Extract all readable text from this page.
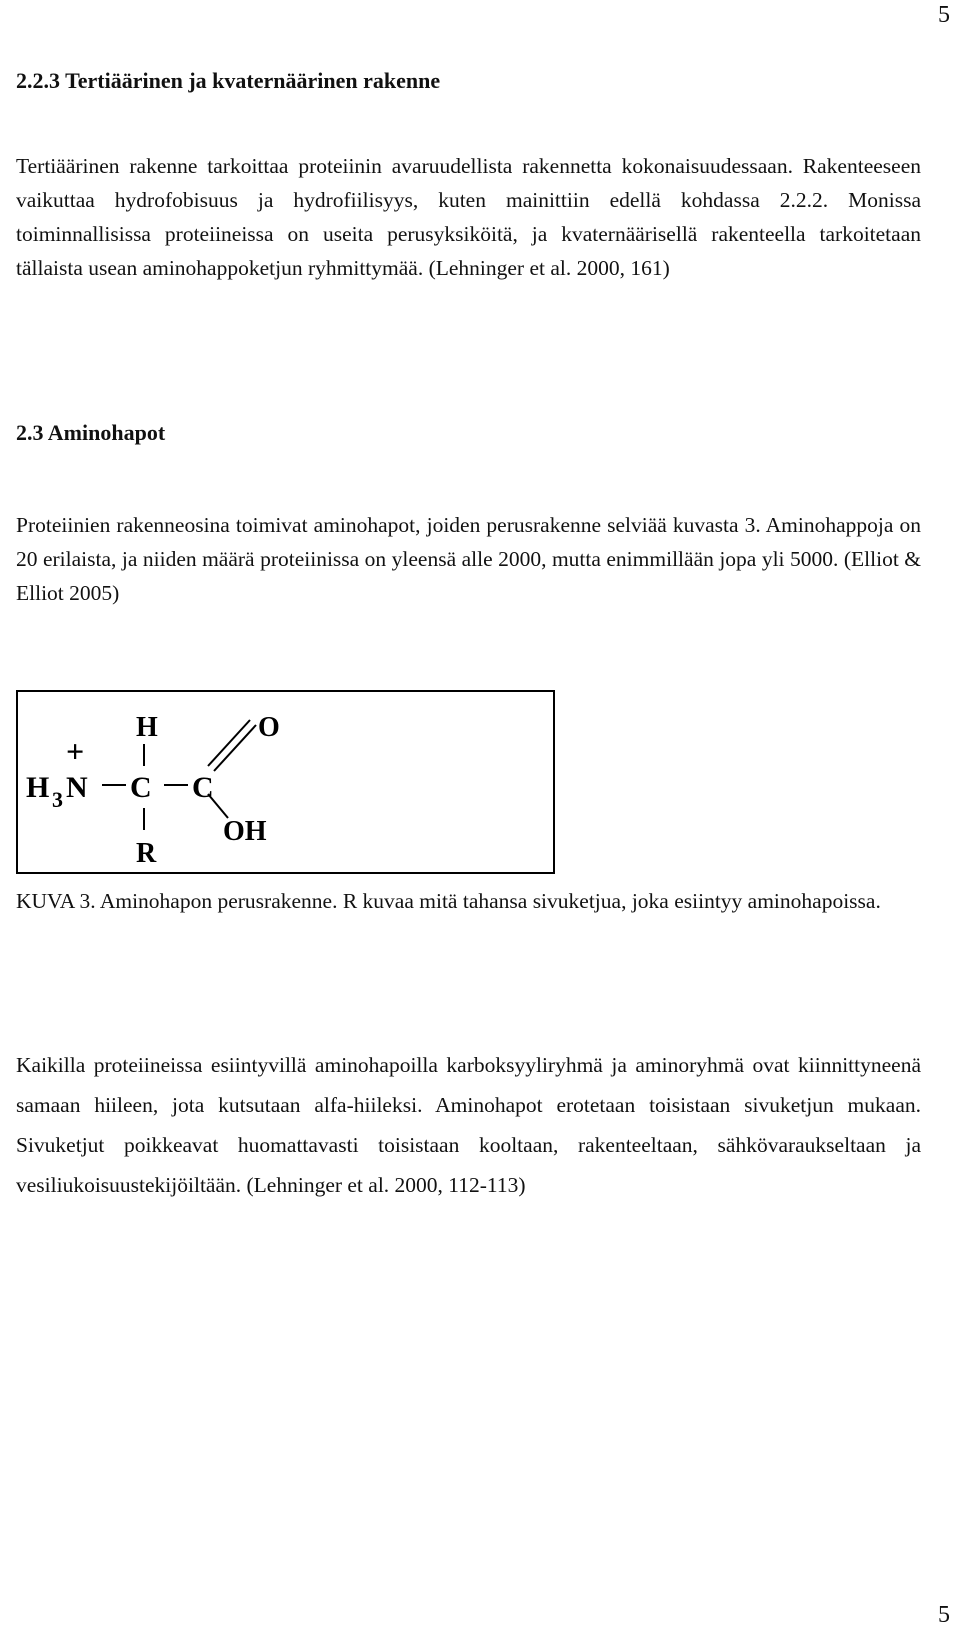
5
2.2.3 Tertiäärinen ja kvaternäärinen rakenne

Tertiäärinen rakenne tarkoittaa proteiinin avaruudellista rakennetta kokonaisuudessaan. Rakenteeseen vaikuttaa hydrofobisuus ja hydrofiilisyys, kuten mainittiin edellä kohdassa 2.2.2. Monissa toiminnallisissa proteiineissa on useita perusyksiköitä, ja kvaternäärisellä rakenteella tarkoitetaan tällaista usean aminohappoketjun ryhmittymää. (Lehninger et al. 2000, 161)

2.3 Aminohapot

Proteiinien rakenneosina toimivat aminohapot, joiden perusrakenne selviää kuvasta 3. Aminohappoja on 20 erilaista, ja niiden määrä proteiinissa on yleensä alle 2000, mutta enimmillään jopa yli 5000. (Elliot & Elliot 2005)

H	O
+
H 3 N C C
OH
R

KUVA 3. Aminohapon perusrakenne. R kuvaa mitä tahansa sivuketjua, joka esiintyy aminohapoissa.

Kaikilla proteiineissa esiintyvillä aminohapoilla karboksyyliryhmä ja aminoryhmä ovat kiinnittyneenä samaan hiileen, jota kutsutaan alfa-hiileksi. Aminohapot erotetaan toisistaan sivuketjun mukaan. Sivuketjut poikkeavat huomattavasti toisistaan kooltaan, rakenteeltaan, sähkövaraukseltaan ja vesiliukoisuustekijöiltään. (Lehninger et al. 2000, 112-113)

5
